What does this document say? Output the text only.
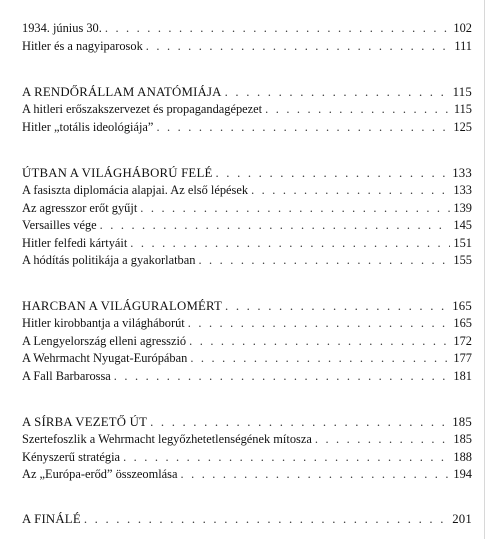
1934. június 30. . . .	102
Hitler és a nagyiparosok . . .	111
A RENDŐRÁLLAM ANATÓMIÁJA . . .	115
A hitleri erőszakszervezet és propagandagépezet . . .	115
Hitler „totális ideológiája” . . .	125
ÚTBAN A VILÁGHÁBORÚ FELÉ . . .	133
A fasiszta diplomácia alapjai. Az első lépések . . .	133
Az agresszor erőt gyűjt . . .	139
Versailles vége . . .	145
Hitler felfedi kártyáit . . .	151
A hódítás politikája a gyakorlatban . . .	155
HARCBAN A VILÁGURALOMÉRT . . .	165
Hitler kirobbantja a világháborút . . .	165
A Lengyelország elleni agresszió . . .	172
A Wehrmacht Nyugat-Európában . . .	177
A Fall Barbarossa . . .	181
A SÍRBA VEZETŐ ÚT . . .	185
Szertefoszlik a Wehrmacht legyőzhetetlenségének mítosza . . .	185
Kényszerű stratégia . . .	188
Az „Európa-erőd” összeomlása . . .	194
A FINÁLÉ . . .	201
